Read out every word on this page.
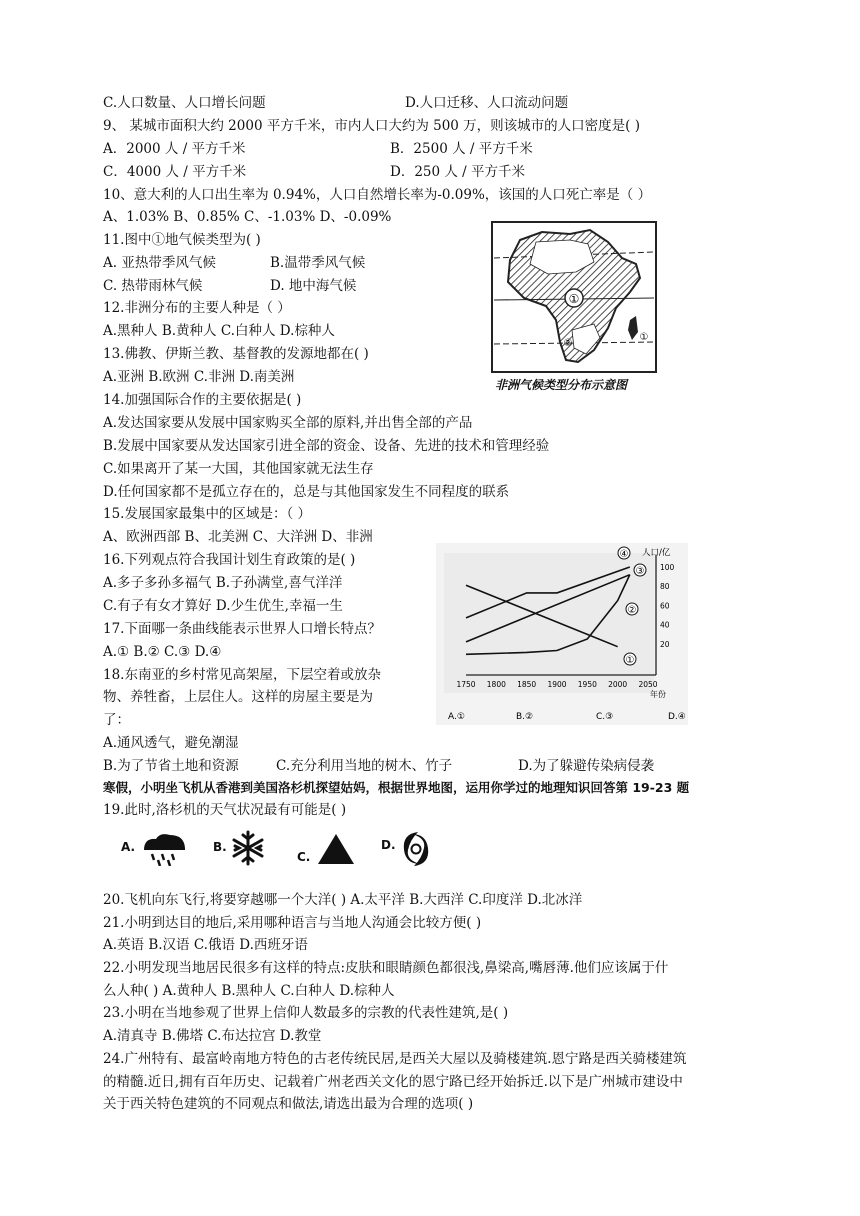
C.人口数量、人口增长问题	D.人口迁移、人口流动问题
9、 某城市面积大约 2000 平方千米，市内人口大约为 500 万，则该城市的人口密度是( )
A．2000 人 / 平方千米	B．2500 人 / 平方千米
C．4000 人 / 平方千米	D．250 人 / 平方千米
10、意大利的人口出生率为 0.94%，人口自然增长率为-0.09%，该国的人口死亡率是（ ）
A、1.03% B、0.85% C、-1.03% D、-0.09%
11.图中①地气候类型为( )
A. 亚热带季风气候	B.温带季风气候
C. 热带雨林气候	D. 地中海气候
12.非洲分布的主要人种是（ ）
A.黑种人 B.黄种人 C.白种人 D.棕种人
13.佛教、伊斯兰教、基督教的发源地都在( )
A.亚洲 B.欧洲 C.非洲 D.南美洲
14.加强国际合作的主要依据是( )
A.发达国家要从发展中国家购买全部的原料,并出售全部的产品
B.发展中国家要从发达国家引进全部的资金、设备、先进的技术和管理经验
C.如果离开了某一大国，其他国家就无法生存
D.任何国家都不是孤立存在的，总是与其他国家发生不同程度的联系
15.发展国家最集中的区域是：（ ）
A、欧洲西部 B、北美洲 C、大洋洲 D、非洲
16.下列观点符合我国计划生育政策的是( )
A.多子多孙多福气 B.子孙满堂,喜气洋洋
C.有子有女才算好 D.少生优生,幸福一生
17.下面哪一条曲线能表示世界人口增长特点？
A.① B.② C.③ D.④
18.东南亚的乡村常见高架屋，下层空着或放杂
物、养牲畜，上层住人。这样的房屋主要是为
了：
A.通风透气，避免潮湿
B.为了节省土地和资源	C.充分利用当地的树木、竹子	D.为了躲避传染病侵袭
寒假，小明坐飞机从香港到美国洛杉机探望姑妈，根据世界地图，运用你学过的地理知识回答第 19-23 题
19.此时,洛杉机的天气状况最有可能是( )
20.飞机向东飞行,将要穿越哪一个大洋( ) A.太平洋 B.大西洋 C.印度洋 D.北冰洋
21.小明到达目的地后,采用哪种语言与当地人沟通会比较方便( )
A.英语 B.汉语 C.俄语 D.西班牙语
22.小明发现当地居民很多有这样的特点:皮肤和眼睛颜色都很浅,鼻梁高,嘴唇薄.他们应该属于什
么人种( ) A.黄种人 B.黑种人 C.白种人 D.棕种人
23.小明在当地参观了世界上信仰人数最多的宗教的代表性建筑,是( )
A.清真寺 B.佛塔 C.布达拉宫 D.教堂
24.广州特有、最富岭南地方特色的古老传统民居,是西关大屋以及骑楼建筑.恩宁路是西关骑楼建筑
的精髓.近日,拥有百年历史、记载着广州老西关文化的恩宁路已经开始拆迁.以下是广州城市建设中
关于西关特色建筑的不同观点和做法,请选出最为合理的选项( )
①
①
②
非洲气候类型分布示意图
20
40
60
80
100
1750 1800 1850 1900 1950 2000 2050
人口/亿
年份
④
③
②
①
A.①	B.②	C.③	D.④
A.	B.
C.
D.
